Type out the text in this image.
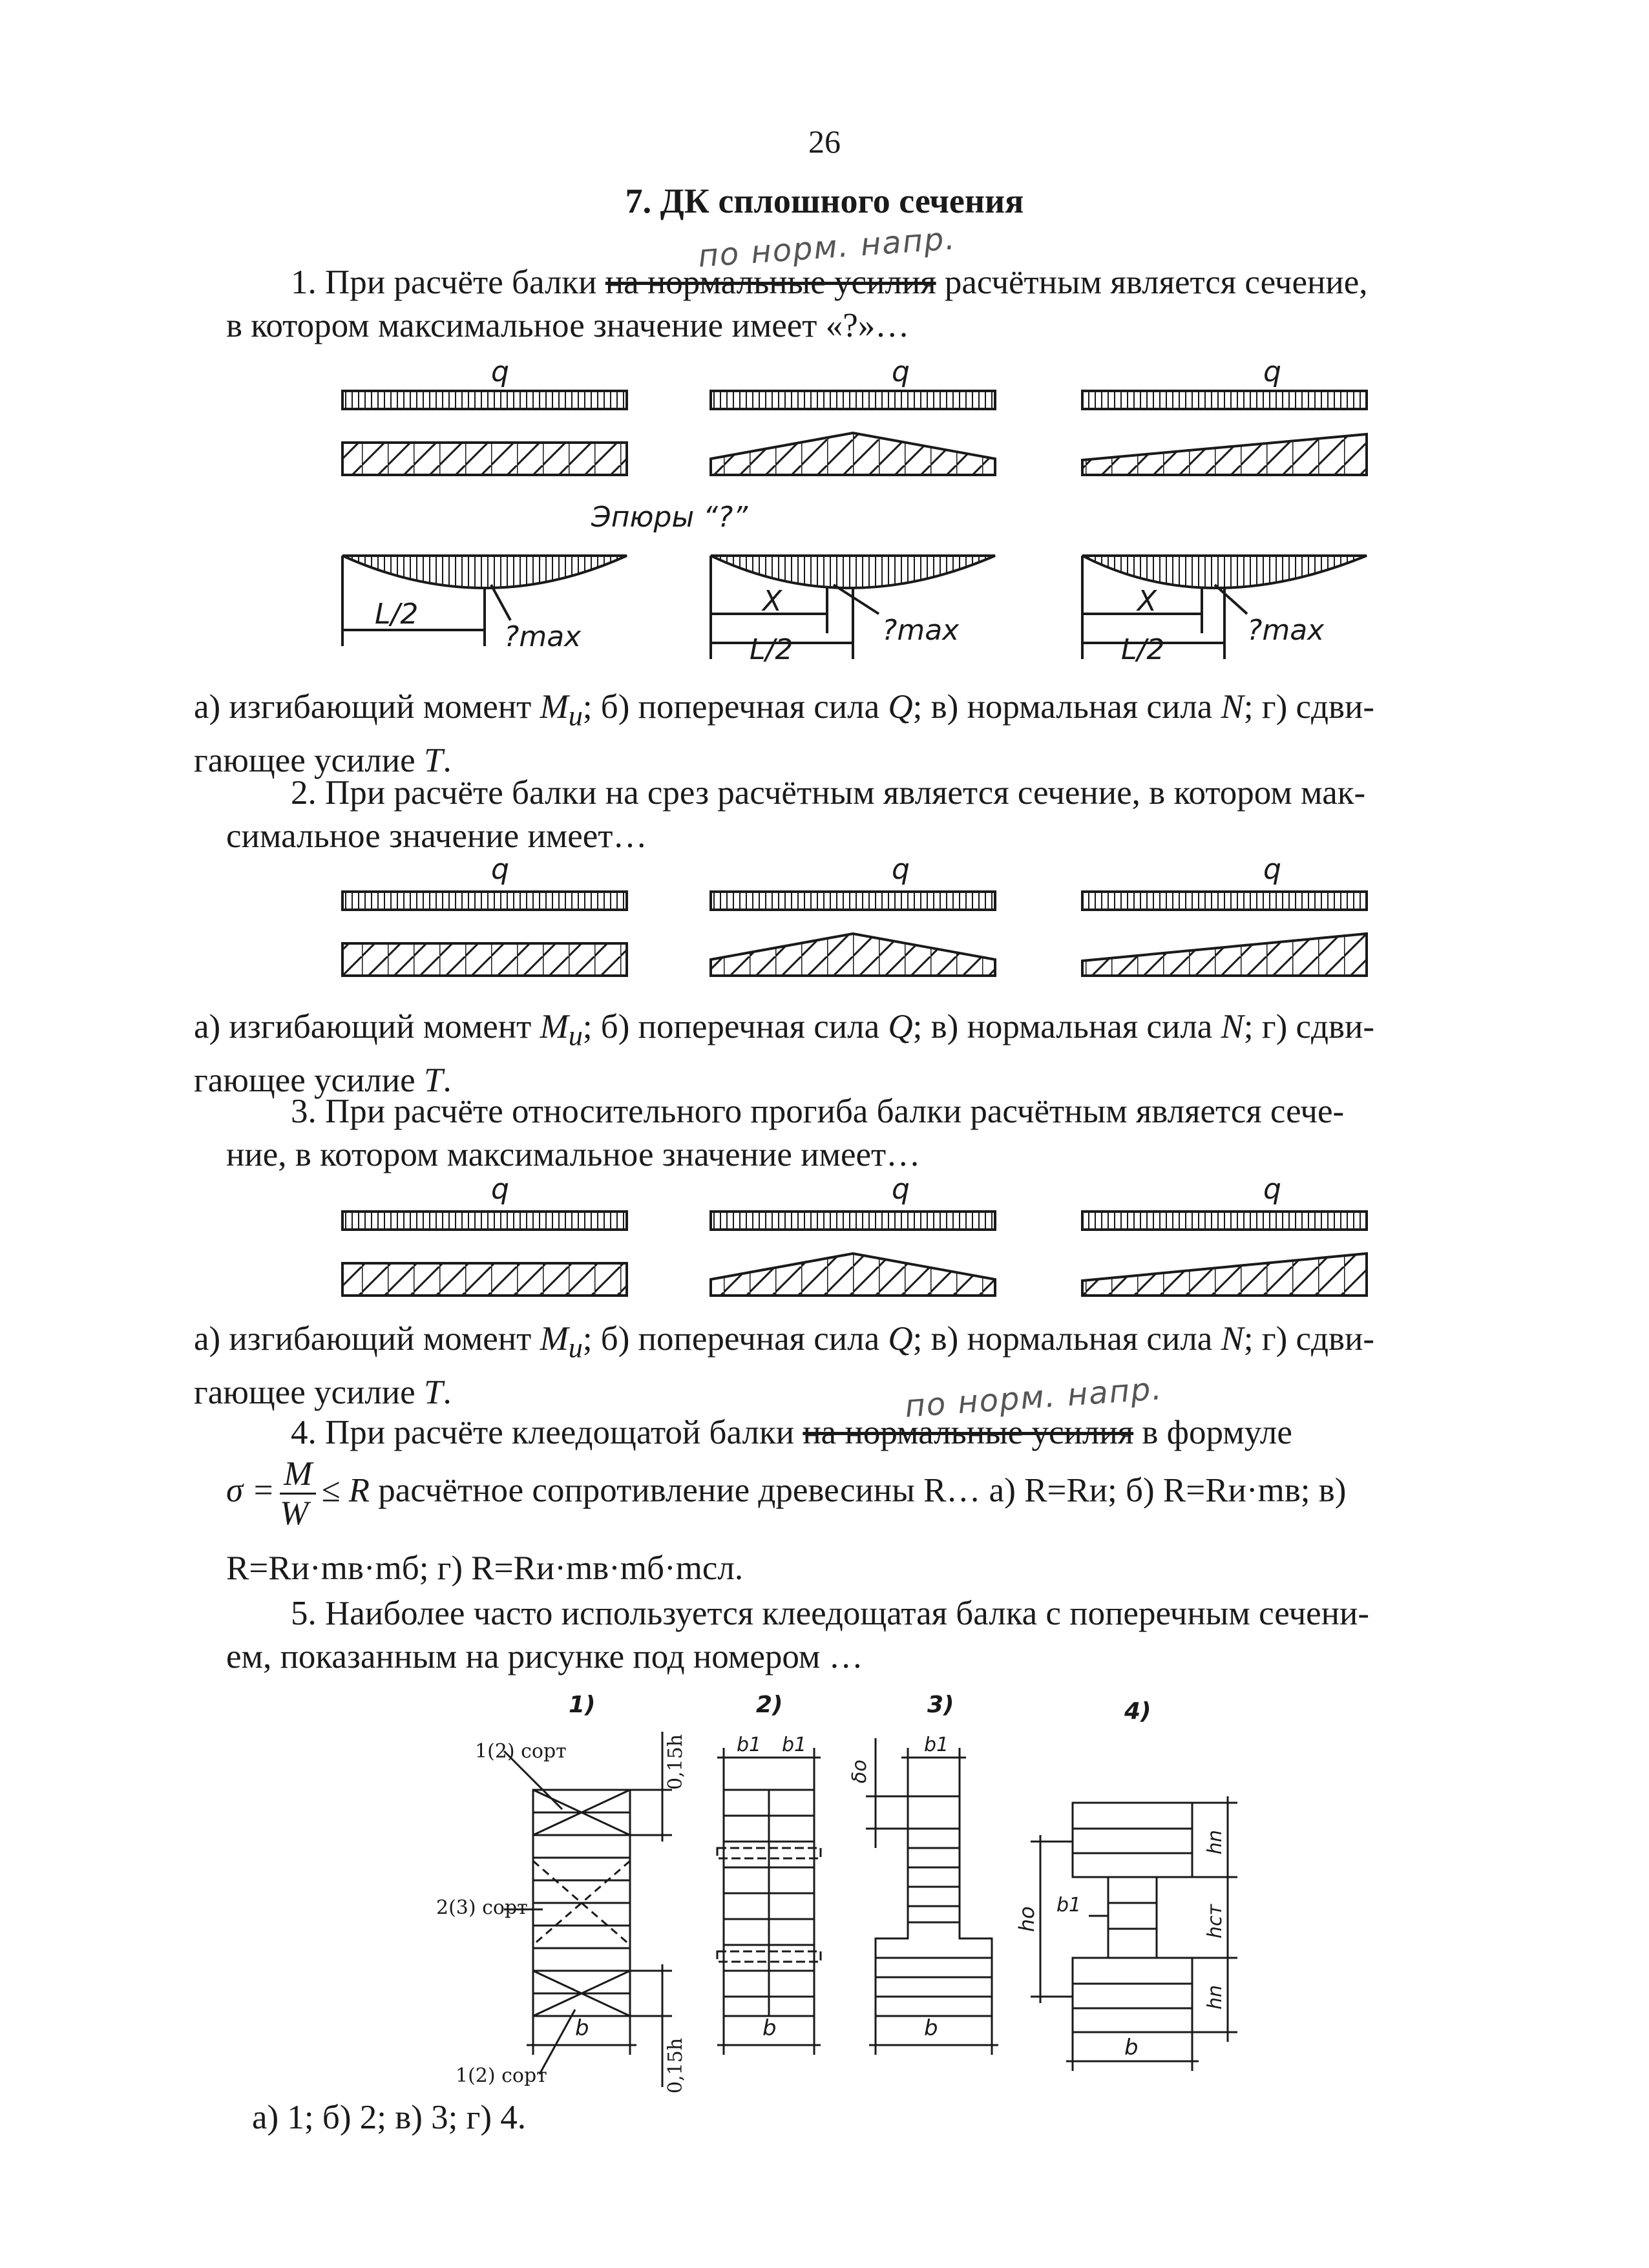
26
7. ДК сплошного сечения
по норм. напр.
1. При расчёте балки на нормальные усилия расчётным является сечение,
в котором максимальное значение имеет «?»…
а) изгибающий момент $M_и$; б) поперечная сила Q; в) нормальная сила N; г) сдви-
гающее усилие T.
2. При расчёте балки на срез расчётным является сечение, в котором мак-
симальное значение имеет…
а) изгибающий момент $M_и$; б) поперечная сила Q; в) нормальная сила N; г) сдви-
гающее усилие T.
3. При расчёте относительного прогиба балки расчётным является сече-
ние, в котором максимальное значение имеет…
а) изгибающий момент $M_и$; б) поперечная сила Q; в) нормальная сила N; г) сдви-
гающее усилие T.	по норм. напр.
4. При расчёте клеедощатой балки на нормальные усилия в формуле
$\sigma = \frac{M}{W} \le R$ расчётное сопротивление древесины R… а) R=Rи; б) R=Rи·mв; в)
R=Rи·mв·mб; г) R=Rи·mв·mб·mсл.
5. Наиболее часто используется клеедощатая балка с поперечным сечени-
ем, показанным на рисунке под номером …
а) 1; б) 2; в) 3; г) 4.
q	q	q
Эпюры “?”
L/2
?max
X
L/2
?max
X
L/2
?max
q	q	q
q	q	q
1)	2)	3)	4)
1(2) сорт
2(3) сорт
1(2) сорт
b
0,15h
0,15h
b1 b1
b
b1
δo
b
hn
hст
hn
ho
b1
b
